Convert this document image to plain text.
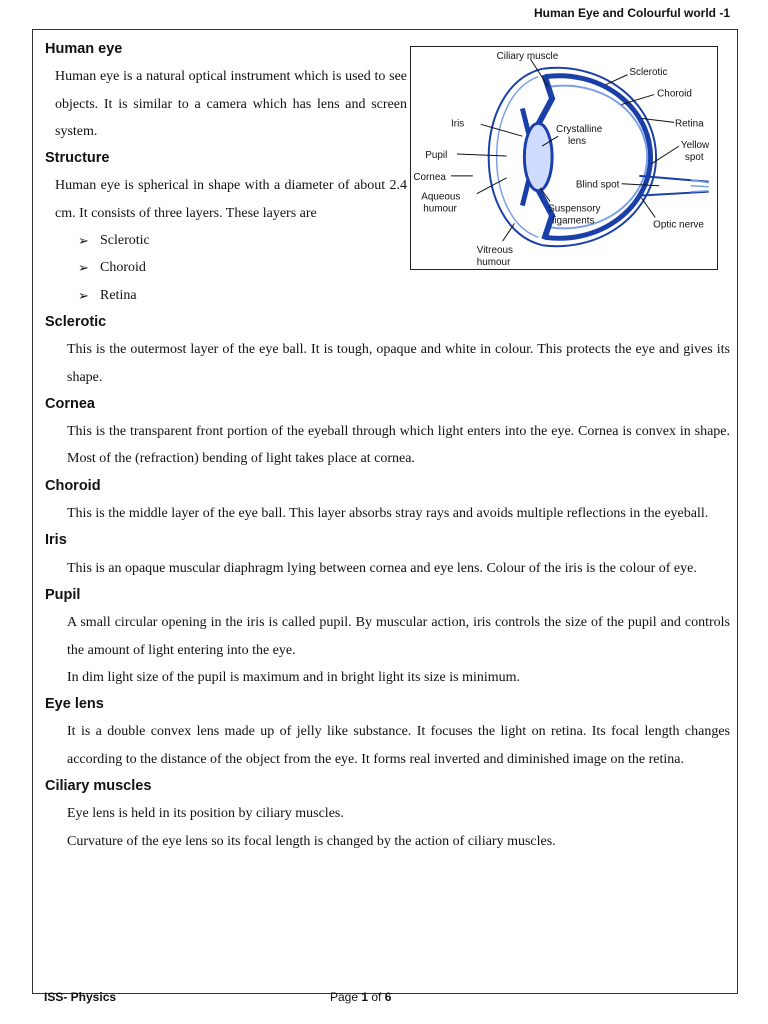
Human Eye and Colourful world -1
Human eye

Human eye is a natural optical instrument which is used to see objects. It is similar to a camera which has lens and screen system.

Structure

Human eye is spherical in shape with a diameter of about 2.4 cm. It consists of three layers. These layers are

➢ Sclerotic
➢ Choroid
➢ Retina
Sclerotic

This is the outermost layer of the eye ball. It is tough, opaque and white in colour. This protects the eye and gives its shape.

Cornea

This is the transparent front portion of the eyeball through which light enters into the eye. Cornea is convex in shape. Most of the (refraction) bending of light takes place at cornea.

Choroid

This is the middle layer of the eye ball. This layer absorbs stray rays and avoids multiple reflections in the eyeball.

Iris

This is an opaque muscular diaphragm lying between cornea and eye lens. Colour of the iris is the colour of eye.

Pupil

A small circular opening in the iris is called pupil. By muscular action, iris controls the size of the pupil and controls the amount of light entering into the eye.

In dim light size of the pupil is maximum and in bright light its size is minimum.

Eye lens

It is a double convex lens made up of jelly like substance. It focuses the light on retina. Its focal length changes according to the distance of the object from the eye. It forms real inverted and diminished image on the retina.

Ciliary muscles

Eye lens is held in its position by ciliary muscles.

Curvature of the eye lens so its focal length is changed by the action of ciliary muscles.

Ciliary muscle
Sclerotic
Choroid
Iris
Crystalline
lens
Retina
Pupil
Yellow
spot
Cornea
Blind spot
Aqueous
humour	Suspensory
ligaments	Optic nerve
Vitreous
humour
ISS- Physics	Page 1 of 6
